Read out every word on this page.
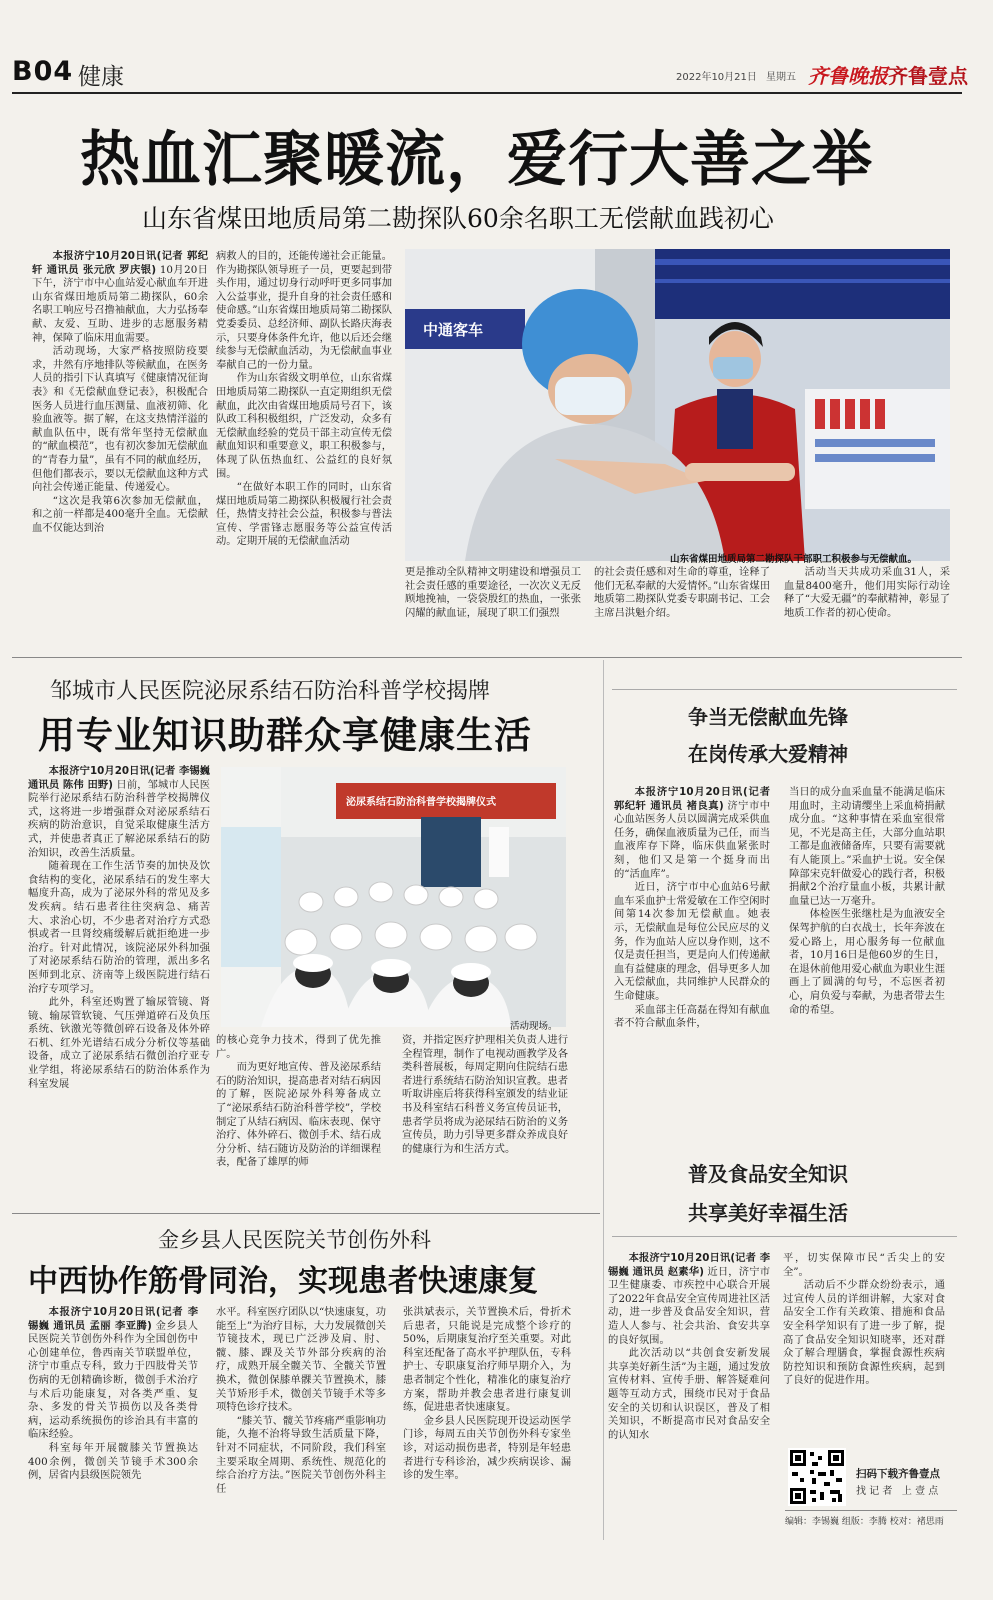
B04 健康	2022年10月21日 星期五 齐鲁晚报 齐鲁壹点
热血汇聚暖流，爱行大善之举
山东省煤田地质局第二勘探队60余名职工无偿献血践初心
本报济宁10月20日讯(记者 郭纪轩 通讯员 张元欣 罗庆银) 10月20日下午，济宁市中心血站爱心献血车开进山东省煤田地质局第二勘探队，60余名职工响应号召撸袖献血，大力弘扬奉献、友爱、互助、进步的志愿服务精神，保障了临床用血需要。
活动现场，大家严格按照防疫要求，井然有序地排队等候献血，在医务人员的指引下认真填写《健康情况征询表》和《无偿献血登记表》，积极配合医务人员进行血压测量、血液初筛、化验血液等。据了解，在这支热情洋溢的献血队伍中，既有常年坚持无偿献血的“献血模范”，也有初次参加无偿献血的“青春力量”，虽有不同的献血经历，但他们都表示，要以无偿献血这种方式向社会传递正能量、传递爱心。
“这次是我第6次参加无偿献血，和之前一样都是400毫升全血。无偿献血不仅能达到治
病救人的目的，还能传递社会正能量。作为勘探队领导班子一员，更要起到带头作用，通过切身行动呼吁更多同事加入公益事业，提升自身的社会责任感和使命感。”山东省煤田地质局第二勘探队党委委员、总经济师、副队长路庆海表示，只要身体条件允许，他以后还会继续参与无偿献血活动，为无偿献血事业奉献自己的一份力量。
作为山东省级文明单位，山东省煤田地质局第二勘探队一直定期组织无偿献血，此次由省煤田地质局号召下，该队政工科积极组织，广泛发动，众多有无偿献血经验的党员干部主动宣传无偿献血知识和重要意义，职工积极参与，体现了队伍热血红、公益红的良好氛围。
“在做好本职工作的同时，山东省煤田地质局第二勘探队积极履行社会责任，热情支持社会公益，积极参与普法宣传、学雷锋志愿服务等公益宣传活动。定期开展的无偿献血活动
中通客车
山东省煤田地质局第二勘探队干部职工积极参与无偿献血。
更是推动全队精神文明建设和增强员工社会责任感的重要途径，一次次义无反顾地挽袖，一袋袋殷红的热血，一张张闪耀的献血证，展现了职工们强烈
的社会责任感和对生命的尊重，诠释了他们无私奉献的大爱情怀。”山东省煤田地质第二勘探队党委专职副书记、工会主席吕洪魁介绍。
活动当天共成功采血31人，采血量8400毫升，他们用实际行动诠释了“大爱无疆”的奉献精神，彰显了地质工作者的初心使命。
邹城市人民医院泌尿系结石防治科普学校揭牌
用专业知识助群众享健康生活
本报济宁10月20日讯(记者 李锡巍 通讯员 陈伟 田野) 日前，邹城市人民医院举行泌尿系结石防治科普学校揭牌仪式，这将进一步增强群众对泌尿系结石疾病的防治意识，自觉采取健康生活方式，并使患者真正了解泌尿系结石的防治知识，改善生活质量。
随着现在工作生活节奏的加快及饮食结构的变化，泌尿系结石的发生率大幅度升高，成为了泌尿外科的常见及多发疾病。结石患者往往突病急、痛苦大、求治心切，不少患者对治疗方式恐惧或者一旦肾绞痛缓解后就拒绝进一步治疗。针对此情况，该院泌尿外科加强了对泌尿系结石防治的管理，派出多名医师到北京、济南等上级医院进行结石治疗专项学习。
此外，科室还购置了输尿管镜、肾镜、输尿管软镜、气压弹道碎石及负压系统、钬激光等微创碎石设备及体外碎石机、红外光谱结石成分分析仪等基础设备，成立了泌尿系结石微创治疗亚专业学组，将泌尿系结石的防治体系作为科室发展
泌尿系结石防治科普学校揭牌仪式
活动现场。
的核心竞争力技术，得到了优先推广。
而为更好地宣传、普及泌尿系结石的防治知识，提高患者对结石病因的了解，医院泌尿外科筹备成立了“泌尿系结石防治科普学校”，学校制定了从结石病因、临床表现、保守治疗、体外碎石、微创手术、结石成分分析、结石随访及防治的详细课程表，配备了雄厚的师
资，并指定医疗护理相关负责人进行全程管理，制作了电视动画教学及各类科普展板，每周定期向住院结石患者进行系统结石防治知识宣教。患者听取讲座后将获得科室颁发的结业证书及科室结石科普义务宣传员证书，患者学员将成为泌尿结石防治的义务宣传员，助力引导更多群众养成良好的健康行为和生活方式。
争当无偿献血先锋
在岗传承大爱精神
本报济宁10月20日讯(记者 郭纪轩 通讯员 褚良真) 济宁市中心血站医务人员以圆满完成采供血任务，确保血液质量为己任，而当血液库存下降，临床供血紧张时刻，他们又是第一个挺身而出的“活血库”。
近日，济宁市中心血站6号献血车采血护士常爱敏在工作空闲时间第14次参加无偿献血。她表示，无偿献血是每位公民应尽的义务，作为血站人应以身作则，这不仅是责任担当，更是向人们传递献血有益健康的理念，倡导更多人加入无偿献血，共同维护人民群众的生命健康。
采血部主任高磊在得知有献血者不符合献血条件，
当日的成分血采血量不能满足临床用血时，主动请缨坐上采血椅捐献成分血。“这种事情在采血室很常见，不光是高主任，大部分血站职工都是血液储备库，只要有需要就有人能顶上。”采血护士说。安全保障部宋克轩做爱心的践行者，积极捐献2个治疗量血小板，共累计献血量已达一万毫升。
体检医生张继杜是为血液安全保驾护航的白衣战士，长年奔波在爱心路上，用心服务每一位献血者，10月16日是他60岁的生日，在退休前他用爱心献血为职业生涯画上了圆满的句号，不忘医者初心，肩负爱与奉献，为患者带去生命的希望。
普及食品安全知识
共享美好幸福生活
本报济宁10月20日讯(记者 李锡巍 通讯员 赵素华) 近日，济宁市卫生健康委、市疾控中心联合开展了2022年食品安全宣传周进社区活动，进一步普及食品安全知识，营造人人参与、社会共治、食安共享的良好氛围。
此次活动以“共创食安新发展 共享美好新生活”为主题，通过发放宣传材料、宣传手册、解答疑难问题等互动方式，围绕市民对于食品安全的关切和认识误区，普及了相关知识，不断提高市民对食品安全的认知水
平，切实保障市民“舌尖上的安全”。
活动后不少群众纷纷表示，通过宣传人员的详细讲解，大家对食品安全工作有关政策、措施和食品安全科学知识有了进一步了解，提高了食品安全知识知晓率，还对群众了解合理膳食，掌握食源性疾病防控知识和预防食源性疾病，起到了良好的促进作用。
扫码下载齐鲁壹点
找 记 者   上 壹 点
编辑：李锡巍 组版：李腾 校对：褚思雨
金乡县人民医院关节创伤外科
中西协作筋骨同治，实现患者快速康复
本报济宁10月20日讯(记者 李锡巍 通讯员 孟丽 李亚腾) 金乡县人民医院关节创伤外科作为全国创伤中心创建单位，鲁西南关节联盟单位，济宁市重点专科，致力于四肢骨关节伤病的无创精确诊断，微创手术治疗与术后功能康复，对各类严重、复杂、多发的骨关节损伤以及各类骨病，运动系统损伤的诊治具有丰富的临床经验。
科室每年开展髋膝关节置换达400余例，微创关节镜手术300余例，居省内县级医院领先
水平。科室医疗团队以“快速康复，功能至上”为治疗目标，大力发展微创关节镜技术，现已广泛涉及肩、肘、髋、膝、踝及关节外部分疾病的治疗，成熟开展全髋关节、全髋关节置换术，微创保膝单髁关节置换术，膝关节矫形手术，微创关节镜手术等多项特色诊疗技术。
“膝关节、髋关节疼痛严重影响功能，久拖不治将导致生活质量下降，针对不同症状，不同阶段，我们科室主要采取全周期、系统性、规范化的综合治疗方法。”医院关节创伤外科主任
张洪斌表示，关节置换术后，骨折术后患者，只能说是完成整个诊疗的50%，后期康复治疗至关重要。对此科室还配备了高水平护理队伍，专科护士、专职康复治疗师早期介入，为患者制定个性化，精准化的康复治疗方案，帮助并教会患者进行康复训练，促进患者快速康复。
金乡县人民医院现开设运动医学门诊，每周五由关节创伤外科专家坐诊，对运动损伤患者，特别是年轻患者进行专科诊治，减少疾病误诊、漏诊的发生率。
